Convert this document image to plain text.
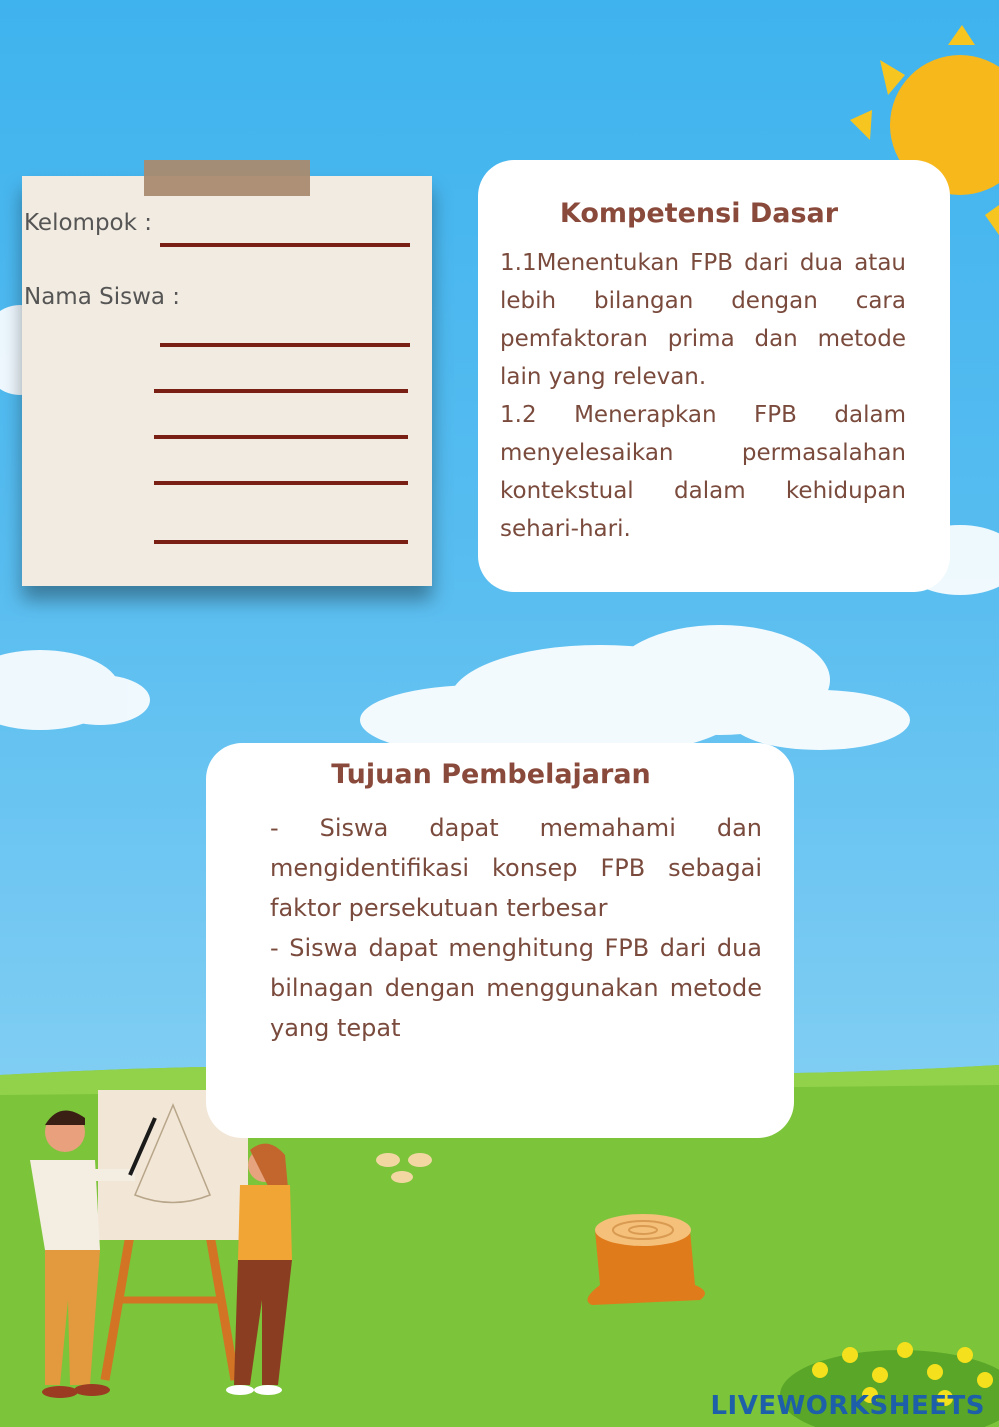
Kelompok :
Nama Siswa :
Kompetensi Dasar

1.1Menentukan FPB dari dua atau lebih bilangan dengan cara pemfaktoran prima dan metode lain yang relevan.

1.2 Menerapkan FPB dalam menyelesaikan permasalahan kontekstual dalam kehidupan sehari-hari.

Tujuan Pembelajaran

- Siswa dapat memahami dan mengidentifikasi konsep FPB sebagai faktor persekutuan terbesar

- Siswa dapat menghitung FPB dari dua bilnagan dengan menggunakan metode yang tepat

LIVEWORKSHEETS
